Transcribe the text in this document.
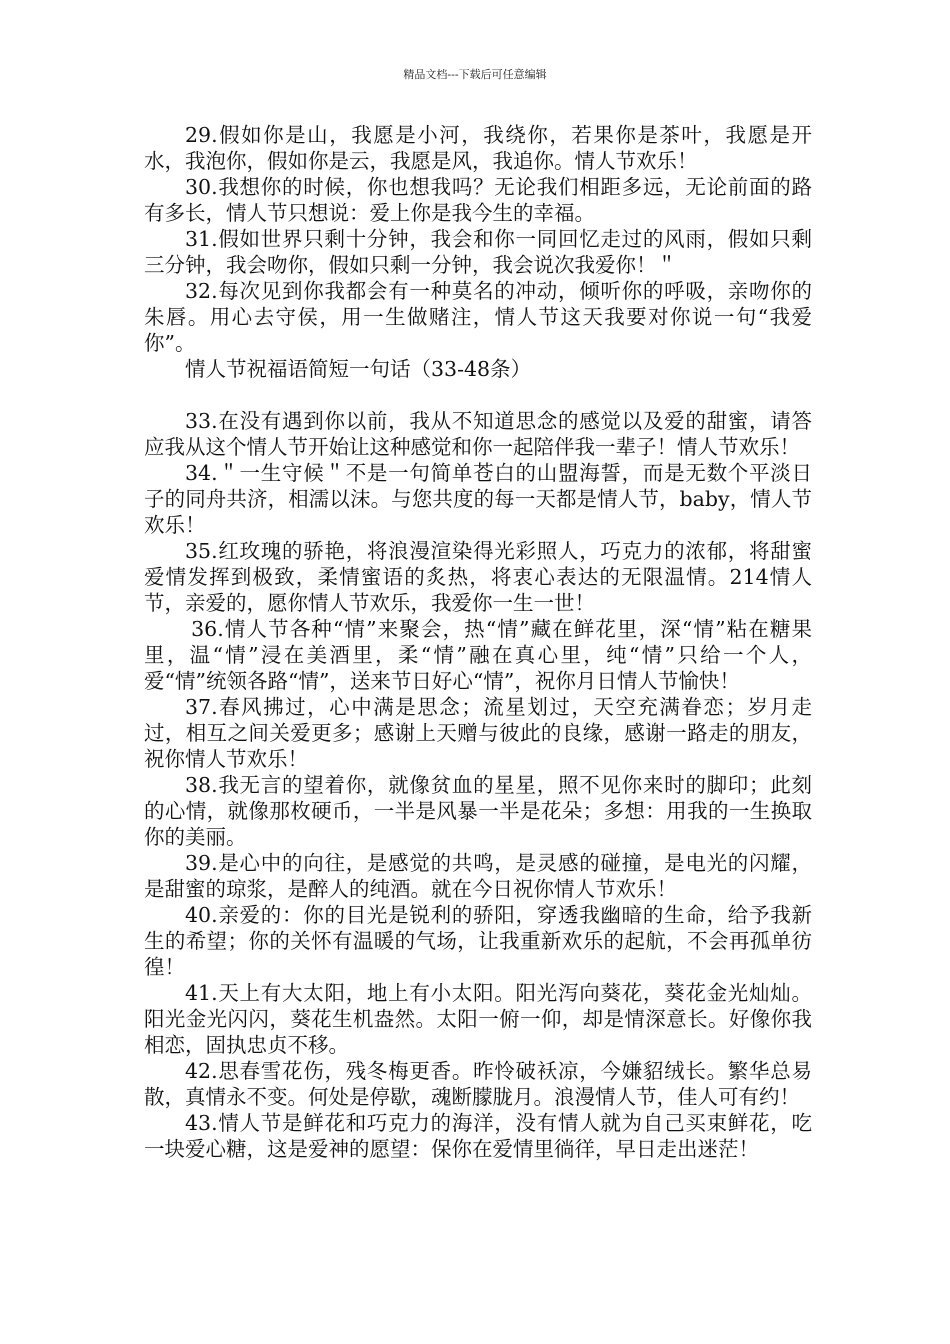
精品文档---下载后可任意编辑

29.假如你是山，我愿是小河，我绕你，若果你是茶叶，我愿是开水，我泡你，假如你是云，我愿是风，我追你。情人节欢乐！

30.我想你的时候，你也想我吗？无论我们相距多远，无论前面的路有多长，情人节只想说：爱上你是我今生的幸福。

31.假如世界只剩十分钟，我会和你一同回忆走过的风雨，假如只剩三分钟，我会吻你，假如只剩一分钟，我会说次我爱你！＂

32.每次见到你我都会有一种莫名的冲动，倾听你的呼吸，亲吻你的朱唇。用心去守侯，用一生做赌注，情人节这天我要对你说一句“我爱你”。

情人节祝福语简短一句话（33-48条）

33.在没有遇到你以前，我从不知道思念的感觉以及爱的甜蜜，请答应我从这个情人节开始让这种感觉和你一起陪伴我一辈子！情人节欢乐！

34.＂一生守候＂不是一句简单苍白的山盟海誓，而是无数个平淡日子的同舟共济，相濡以沫。与您共度的每一天都是情人节，baby，情人节欢乐！

35.红玫瑰的骄艳，将浪漫渲染得光彩照人，巧克力的浓郁，将甜蜜爱情发挥到极致，柔情蜜语的炙热，将衷心表达的无限温情。214情人节，亲爱的，愿你情人节欢乐，我爱你一生一世！

36.情人节各种“情”来聚会，热“情”藏在鲜花里，深“情”粘在糖果里，温“情”浸在美酒里，柔“情”融在真心里，纯“情”只给一个人，爱“情”统领各路“情”，送来节日好心“情”，祝你月日情人节愉快！

37.春风拂过，心中满是思念；流星划过，天空充满眷恋；岁月走过，相互之间关爱更多；感谢上天赠与彼此的良缘，感谢一路走的朋友，祝你情人节欢乐！

38.我无言的望着你，就像贫血的星星，照不见你来时的脚印；此刻的心情，就像那枚硬币，一半是风暴一半是花朵；多想：用我的一生换取你的美丽。

39.是心中的向往，是感觉的共鸣，是灵感的碰撞，是电光的闪耀，是甜蜜的琼浆，是醉人的纯酒。就在今日祝你情人节欢乐！

40.亲爱的：你的目光是锐利的骄阳，穿透我幽暗的生命，给予我新生的希望；你的关怀有温暖的气场，让我重新欢乐的起航，不会再孤单彷徨！

41.天上有大太阳，地上有小太阳。阳光泻向葵花，葵花金光灿灿。阳光金光闪闪，葵花生机盎然。太阳一俯一仰，却是情深意长。好像你我相恋，固执忠贞不移。

42.思春雪花伤，残冬梅更香。昨怜破袄凉，今嫌貂绒长。繁华总易散，真情永不变。何处是停歇，魂断朦胧月。浪漫情人节，佳人可有约！

43.情人节是鲜花和巧克力的海洋，没有情人就为自己买束鲜花，吃一块爱心糖，这是爱神的愿望：保你在爱情里徜徉，早日走出迷茫！
